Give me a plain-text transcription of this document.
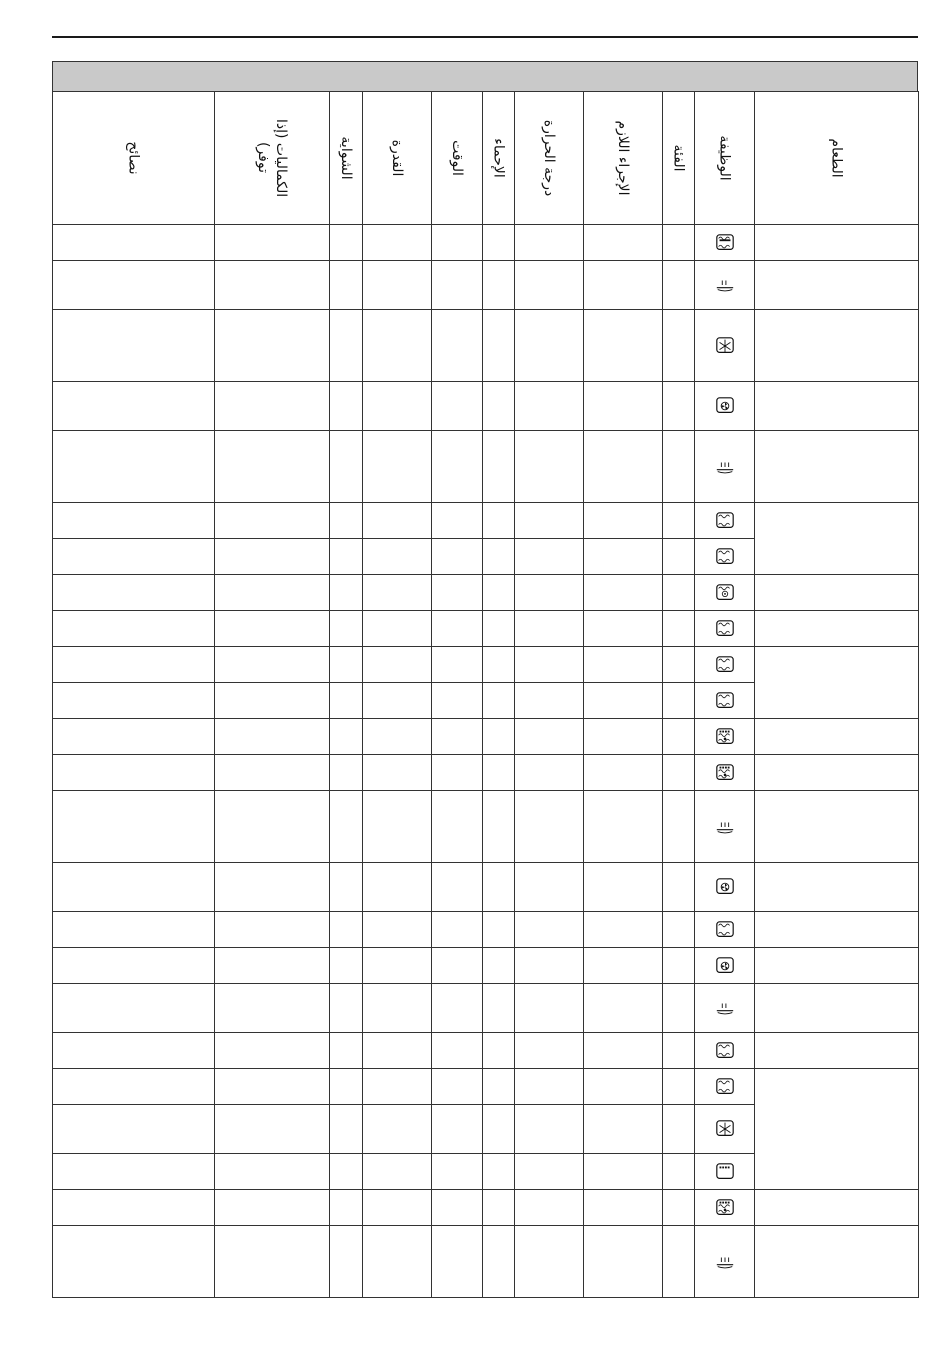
نصائح	الكماليات (إذا توفر)	الشواية	القدرة	الوقت	الإحماء	درجة الحرارة	الإجراء اللازم	الفئة	الوظيفة	الطعام
